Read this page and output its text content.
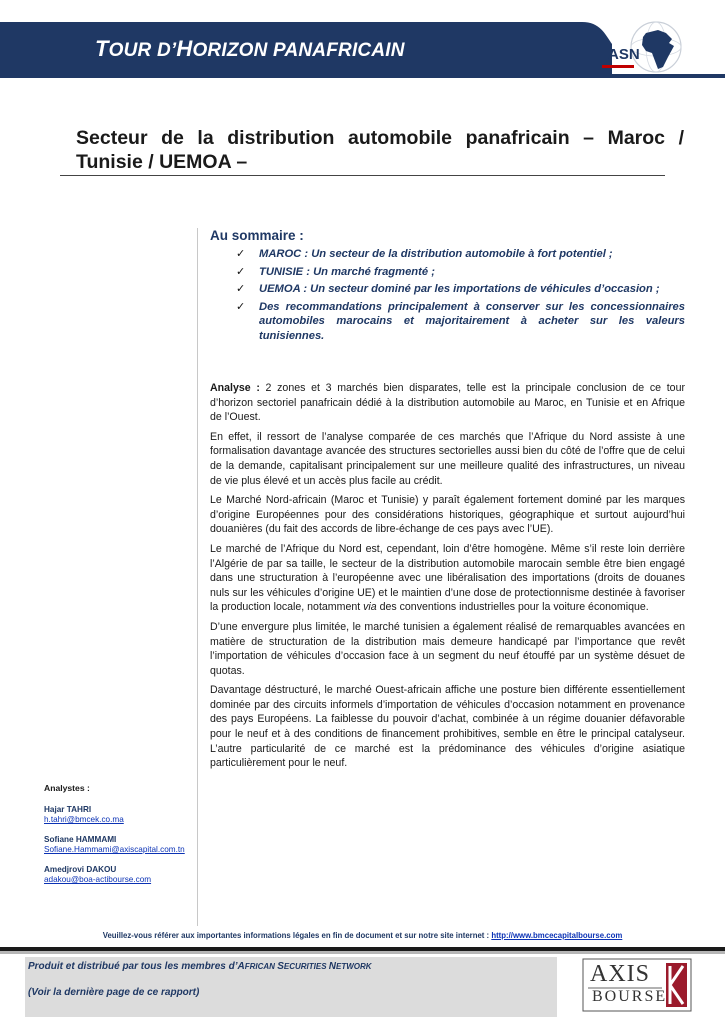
TOUR D’HORIZON PANAFRICAIN	ASN
Secteur de la distribution automobile panafricain – Maroc / Tunisie / UEMOA –
Au sommaire :
✓ MAROC : Un secteur de la distribution automobile à fort potentiel ;
✓ TUNISIE : Un marché fragmenté ;
✓ UEMOA : Un secteur dominé par les importations de véhicules d’occasion ;
✓ Des recommandations principalement à conserver sur les concessionnaires automobiles marocains et majoritairement à acheter sur les valeurs tunisiennes.

Analyse : 2 zones et 3 marchés bien disparates, telle est la principale conclusion de ce tour d’horizon sectoriel panafricain dédié à la distribution automobile au Maroc, en Tunisie et en Afrique de l’Ouest.

En effet, il ressort de l’analyse comparée de ces marchés que l’Afrique du Nord assiste à une formalisation davantage avancée des structures sectorielles aussi bien du côté de l’offre que de celui de la demande, capitalisant principalement sur une meilleure qualité des infrastructures, un niveau de vie plus élevé et un accès plus facile au crédit.

Le Marché Nord-africain (Maroc et Tunisie) y paraît également fortement dominé par les marques d’origine Européennes pour des considérations historiques, géographique et surtout aujourd’hui douanières (du fait des accords de libre-échange de ces pays avec l’UE).

Le marché de l’Afrique du Nord est, cependant, loin d’être homogène. Même s’il reste loin derrière l’Algérie de par sa taille, le secteur de la distribution automobile marocain semble être bien engagé dans une structuration à l’européenne avec une libéralisation des importations (droits de douanes nuls sur les véhicules d’origine UE) et le maintien d’une dose de protectionnisme destinée à favoriser la production locale, notamment via des conventions industrielles pour la voiture économique.

D’une envergure plus limitée, le marché tunisien a également réalisé de remarquables avancées en matière de structuration de la distribution mais demeure handicapé par l’importance que revêt l’importation de véhicules d’occasion face à un segment du neuf étouffé par un système désuet de quotas.

Davantage déstructuré, le marché Ouest-africain affiche une posture bien différente essentiellement dominée par des circuits informels d’importation de véhicules d’occasion notamment en provenance des pays Européens. La faiblesse du pouvoir d’achat, combinée à un régime douanier défavorable pour le neuf et à des conditions de financement prohibitives, semble en être le principal catalyseur. L’autre particularité de ce marché est la prédominance des véhicules d’origine asiatique particulièrement pour le neuf.

Analystes :
Hajar TAHRI
h.tahri@bmcek.co.ma
Sofiane HAMMAMI
Sofiane.Hammami@axiscapital.com.tn
Amedjrovi DAKOU
adakou@boa-actibourse.com
Veuillez-vous référer aux importantes informations légales en fin de document et sur notre site internet : http://www.bmcecapitalbourse.com
Produit et distribué par tous les membres d’AFRICAN SECURITIES NETWORK
(Voir la dernière page de ce rapport)
AXIS
BOURSE
